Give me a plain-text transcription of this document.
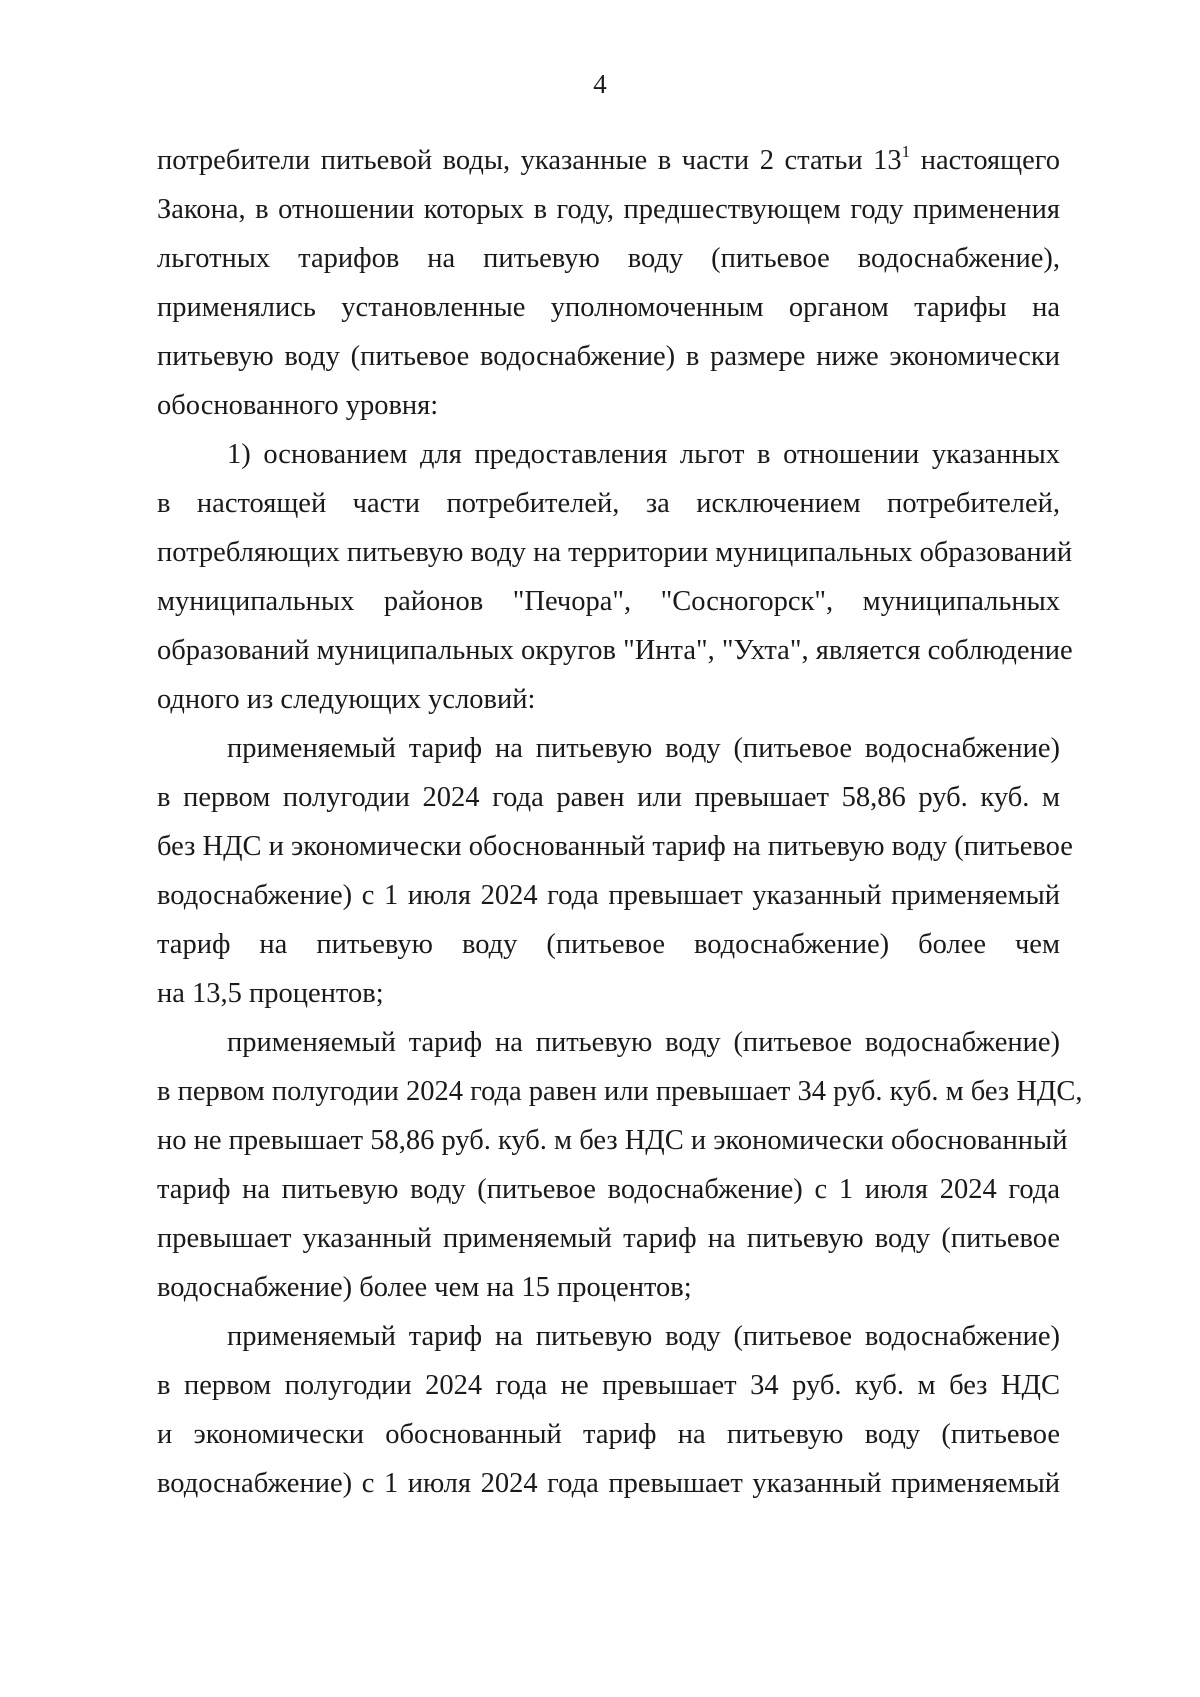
4
потребители питьевой воды, указанные в части 2 статьи $13^1$ настоящего
Закона, в отношении которых в году, предшествующем году применения
льготных тарифов на питьевую воду (питьевое водоснабжение),
применялись установленные уполномоченным органом тарифы на
питьевую воду (питьевое водоснабжение) в размере ниже экономически
обоснованного уровня:
1) основанием для предоставления льгот в отношении указанных
в настоящей части потребителей, за исключением потребителей,
потребляющих питьевую воду на территории муниципальных образований
муниципальных районов "Печора", "Сосногорск", муниципальных
образований муниципальных округов "Инта", "Ухта", является соблюдение
одного из следующих условий:
применяемый тариф на питьевую воду (питьевое водоснабжение)
в первом полугодии 2024 года равен или превышает 58,86 руб. куб. м
без НДС и экономически обоснованный тариф на питьевую воду (питьевое
водоснабжение) с 1 июля 2024 года превышает указанный применяемый
тариф на питьевую воду (питьевое водоснабжение) более чем
на 13,5 процентов;
применяемый тариф на питьевую воду (питьевое водоснабжение)
в первом полугодии 2024 года равен или превышает 34 руб. куб. м без НДС,
но не превышает 58,86 руб. куб. м без НДС и экономически обоснованный
тариф на питьевую воду (питьевое водоснабжение) с 1 июля 2024 года
превышает указанный применяемый тариф на питьевую воду (питьевое
водоснабжение) более чем на 15 процентов;
применяемый тариф на питьевую воду (питьевое водоснабжение)
в первом полугодии 2024 года не превышает 34 руб. куб. м без НДС
и экономически обоснованный тариф на питьевую воду (питьевое
водоснабжение) с 1 июля 2024 года превышает указанный применяемый
